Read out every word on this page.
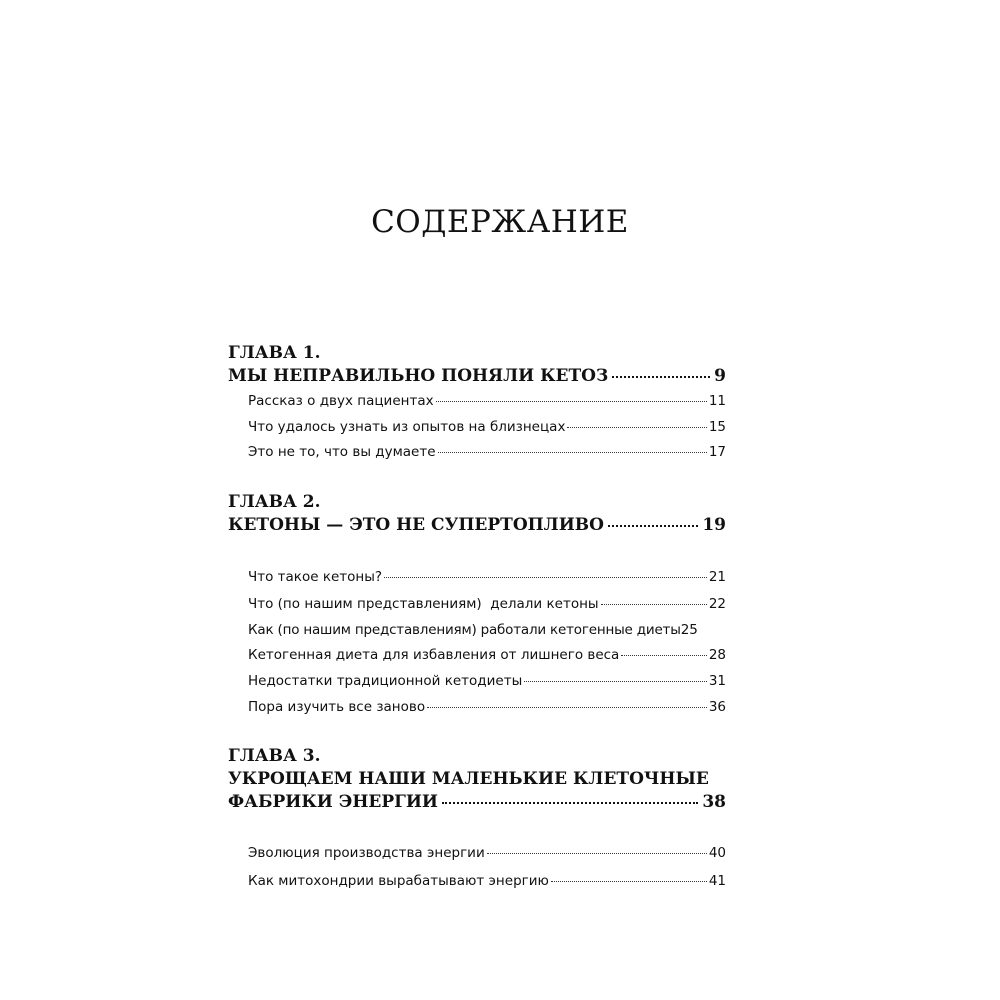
СОДЕРЖАНИЕ
ГЛАВА 1.
МЫ НЕПРАВИЛЬНО ПОНЯЛИ КЕТОЗ	9
Рассказ о двух пациентах	11
Что удалось узнать из опытов на близнецах	15
Это не то, что вы думаете	17
ГЛАВА 2.
КЕТОНЫ — ЭТО НЕ СУПЕРТОПЛИВО	19
Что такое кетоны?	21
Что (по нашим представлениям)  делали кетоны	22
Как (по нашим представлениям) работали кетогенные диеты 25
Кетогенная диета для избавления от лишнего веса	28
Недостатки традиционной кетодиеты	31
Пора изучить все заново	36
ГЛАВА 3.
УКРОЩАЕМ НАШИ МАЛЕНЬКИЕ КЛЕТОЧНЫЕ
ФАБРИКИ ЭНЕРГИИ	38
Эволюция производства энергии	40
Как митохондрии вырабатывают энергию	41
